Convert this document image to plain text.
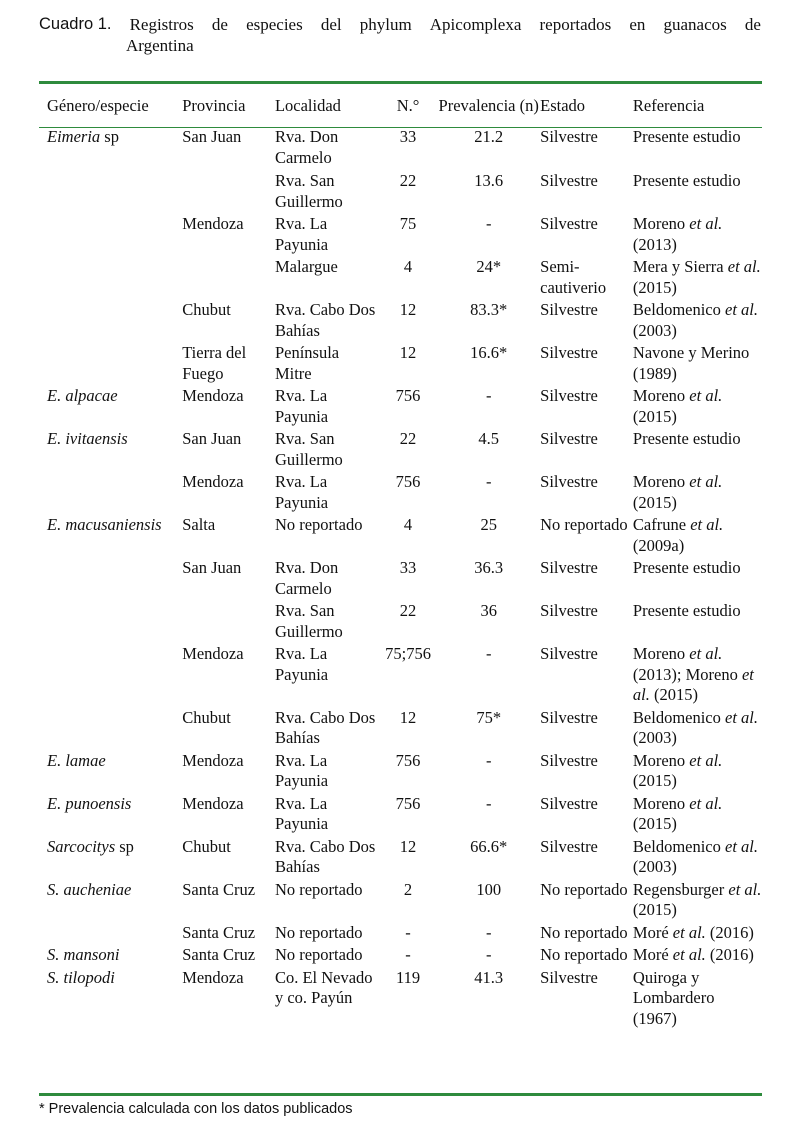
Cuadro 1. Registros de especies del phylum Apicomplexa reportados en guanacos de
Argentina
Género/especie	Provincia	Localidad	N.°	Prevalencia (n)	Estado	Referencia
Eimeria sp	San Juan	Rva. Don Carmelo	33	21.2	Silvestre	Presente estudio
		Rva. San Guillermo	22	13.6	Silvestre	Presente estudio
	Mendoza	Rva. La Payunia	75	-	Silvestre	Moreno et al. (2013)
		Malargue	4	24*	Semi-cautiverio	Mera y Sierra et al. (2015)
	Chubut	Rva. Cabo Dos Bahías	12	83.3*	Silvestre	Beldomenico et al. (2003)
	Tierra del Fuego	Península Mitre	12	16.6*	Silvestre	Navone y Merino (1989)
E. alpacae	Mendoza	Rva. La Payunia	756	-	Silvestre	Moreno et al. (2015)
E. ivitaensis	San Juan	Rva. San Guillermo	22	4.5	Silvestre	Presente estudio
	Mendoza	Rva. La Payunia	756	-	Silvestre	Moreno et al. (2015)
E. macusaniensis	Salta	No reportado	4	25	No reportado	Cafrune et al. (2009a)
	San Juan	Rva. Don Carmelo	33	36.3	Silvestre	Presente estudio
		Rva. San Guillermo	22	36	Silvestre	Presente estudio
	Mendoza	Rva. La Payunia	75;756	-	Silvestre	Moreno et al. (2013); Moreno et al. (2015)
	Chubut	Rva. Cabo Dos Bahías	12	75*	Silvestre	Beldomenico et al. (2003)
E. lamae	Mendoza	Rva. La Payunia	756	-	Silvestre	Moreno et al. (2015)
E. punoensis	Mendoza	Rva. La Payunia	756	-	Silvestre	Moreno et al. (2015)
Sarcocitys sp	Chubut	Rva. Cabo Dos Bahías	12	66.6*	Silvestre	Beldomenico et al. (2003)
S. aucheniae	Santa Cruz	No reportado	2	100	No reportado	Regensburger et al. (2015)
	Santa Cruz	No reportado	-	-	No reportado	Moré et al. (2016)
S. mansoni	Santa Cruz	No reportado	-	-	No reportado	Moré et al. (2016)
S. tilopodi	Mendoza	Co. El Nevado y co. Payún	119	41.3	Silvestre	Quiroga y Lombardero (1967)
* Prevalencia calculada con los datos publicados
